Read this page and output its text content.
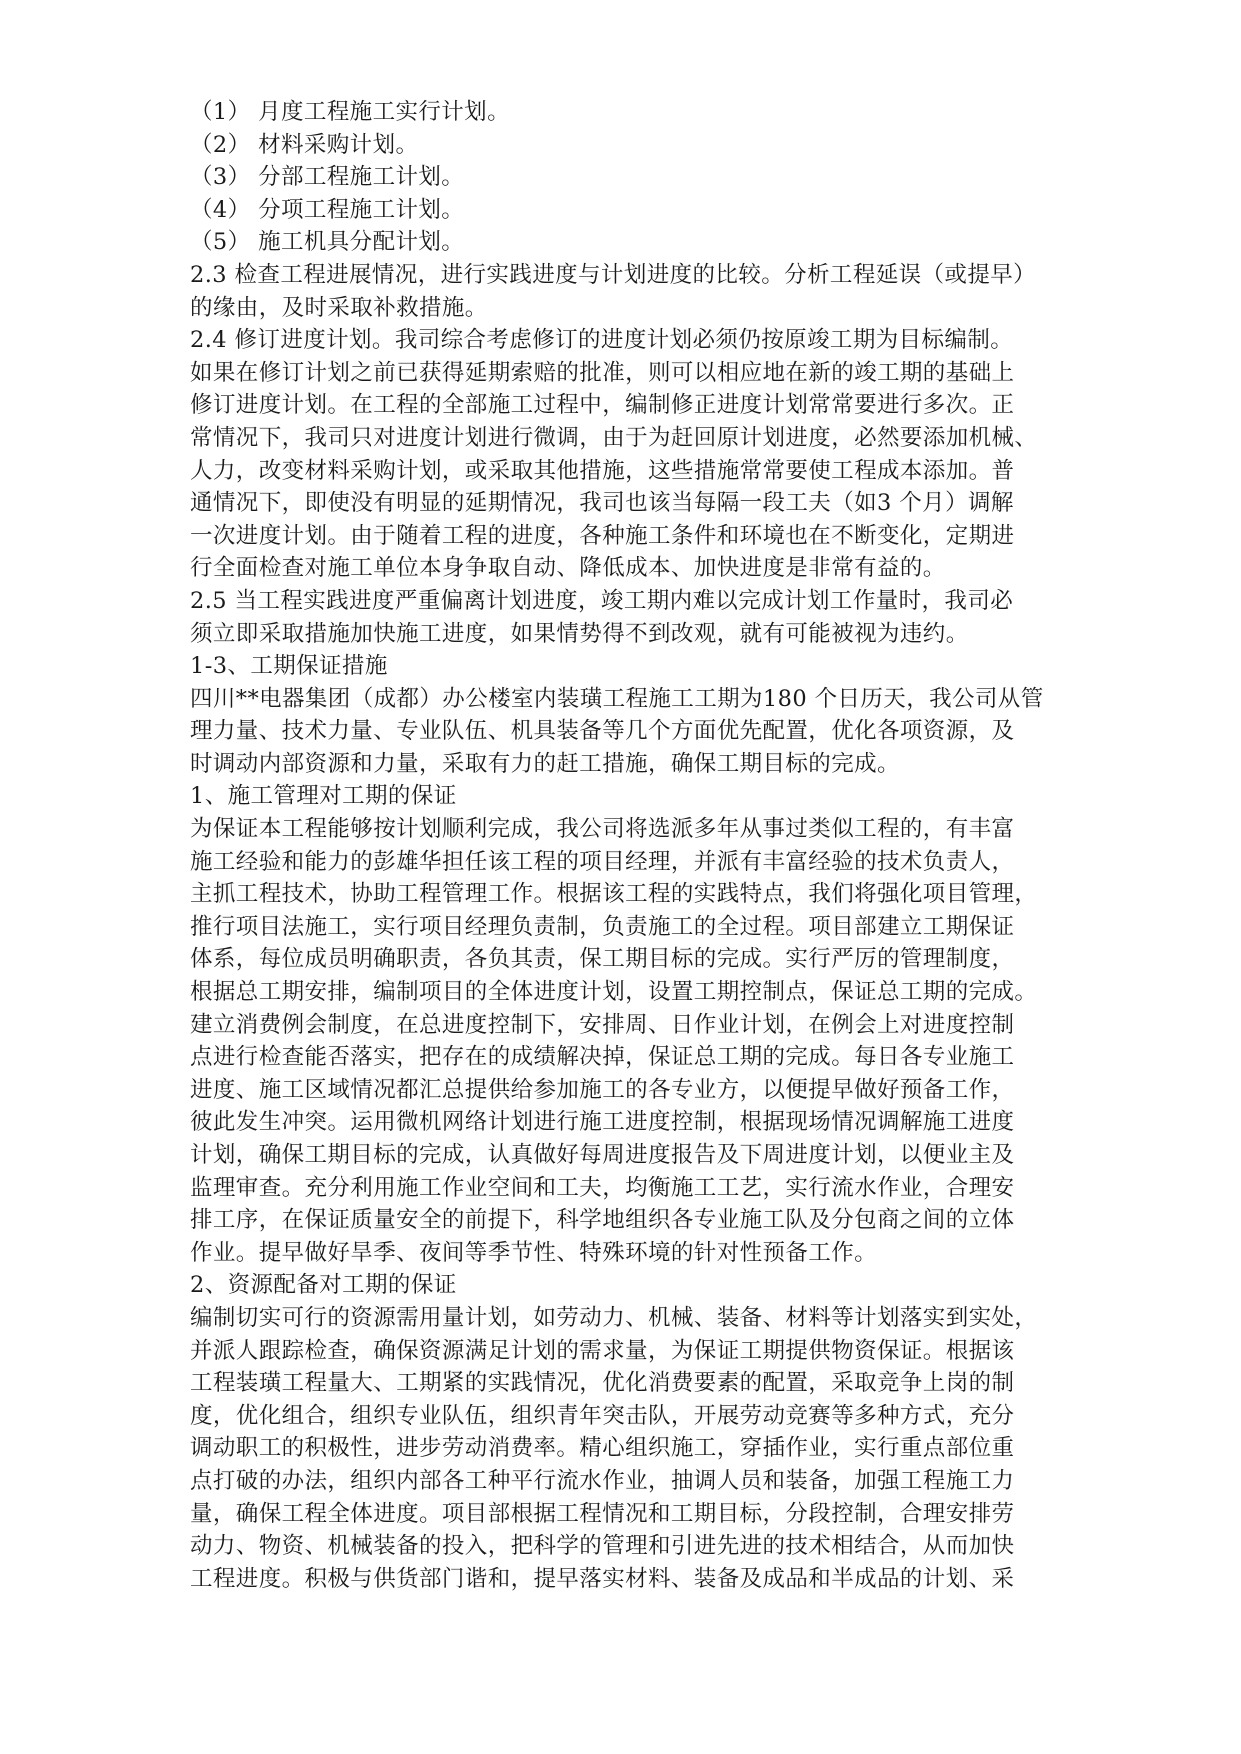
（1） 月度工程施工实行计划。
（2） 材料采购计划。
（3） 分部工程施工计划。
（4） 分项工程施工计划。
（5） 施工机具分配计划。
2.3 检查工程进展情况，进行实践进度与计划进度的比较。分析工程延误（或提早）
的缘由，及时采取补救措施。
2.4 修订进度计划。我司综合考虑修订的进度计划必须仍按原竣工期为目标编制。
如果在修订计划之前已获得延期索赔的批准，则可以相应地在新的竣工期的基础上
修订进度计划。在工程的全部施工过程中，编制修正进度计划常常要进行多次。正
常情况下，我司只对进度计划进行微调，由于为赶回原计划进度，必然要添加机械、
人力，改变材料采购计划，或采取其他措施，这些措施常常要使工程成本添加。普
通情况下，即使没有明显的延期情况，我司也该当每隔一段工夫（如3 个月）调解
一次进度计划。由于随着工程的进度，各种施工条件和环境也在不断变化，定期进
行全面检查对施工单位本身争取自动、降低成本、加快进度是非常有益的。
2.5 当工程实践进度严重偏离计划进度，竣工期内难以完成计划工作量时，我司必
须立即采取措施加快施工进度，如果情势得不到改观，就有可能被视为违约。
1-3、工期保证措施
四川**电器集团（成都）办公楼室内装璜工程施工工期为180 个日历天，我公司从管
理力量、技术力量、专业队伍、机具装备等几个方面优先配置，优化各项资源，及
时调动内部资源和力量，采取有力的赶工措施，确保工期目标的完成。
1、施工管理对工期的保证
为保证本工程能够按计划顺利完成，我公司将选派多年从事过类似工程的，有丰富
施工经验和能力的彭雄华担任该工程的项目经理，并派有丰富经验的技术负责人，
主抓工程技术，协助工程管理工作。根据该工程的实践特点，我们将强化项目管理，
推行项目法施工，实行项目经理负责制，负责施工的全过程。项目部建立工期保证
体系，每位成员明确职责，各负其责，保工期目标的完成。实行严厉的管理制度，
根据总工期安排，编制项目的全体进度计划，设置工期控制点，保证总工期的完成。
建立消费例会制度，在总进度控制下，安排周、日作业计划，在例会上对进度控制
点进行检查能否落实，把存在的成绩解决掉，保证总工期的完成。每日各专业施工
进度、施工区域情况都汇总提供给参加施工的各专业方，以便提早做好预备工作，
彼此发生冲突。运用微机网络计划进行施工进度控制，根据现场情况调解施工进度
计划，确保工期目标的完成，认真做好每周进度报告及下周进度计划，以便业主及
监理审查。充分利用施工作业空间和工夫，均衡施工工艺，实行流水作业，合理安
排工序，在保证质量安全的前提下，科学地组织各专业施工队及分包商之间的立体
作业。提早做好旱季、夜间等季节性、特殊环境的针对性预备工作。
2、资源配备对工期的保证
编制切实可行的资源需用量计划，如劳动力、机械、装备、材料等计划落实到实处，
并派人跟踪检查，确保资源满足计划的需求量，为保证工期提供物资保证。根据该
工程装璜工程量大、工期紧的实践情况，优化消费要素的配置，采取竞争上岗的制
度，优化组合，组织专业队伍，组织青年突击队，开展劳动竞赛等多种方式，充分
调动职工的积极性，进步劳动消费率。精心组织施工，穿插作业，实行重点部位重
点打破的办法，组织内部各工种平行流水作业，抽调人员和装备，加强工程施工力
量，确保工程全体进度。项目部根据工程情况和工期目标，分段控制，合理安排劳
动力、物资、机械装备的投入，把科学的管理和引进先进的技术相结合，从而加快
工程进度。积极与供货部门谐和，提早落实材料、装备及成品和半成品的计划、采
